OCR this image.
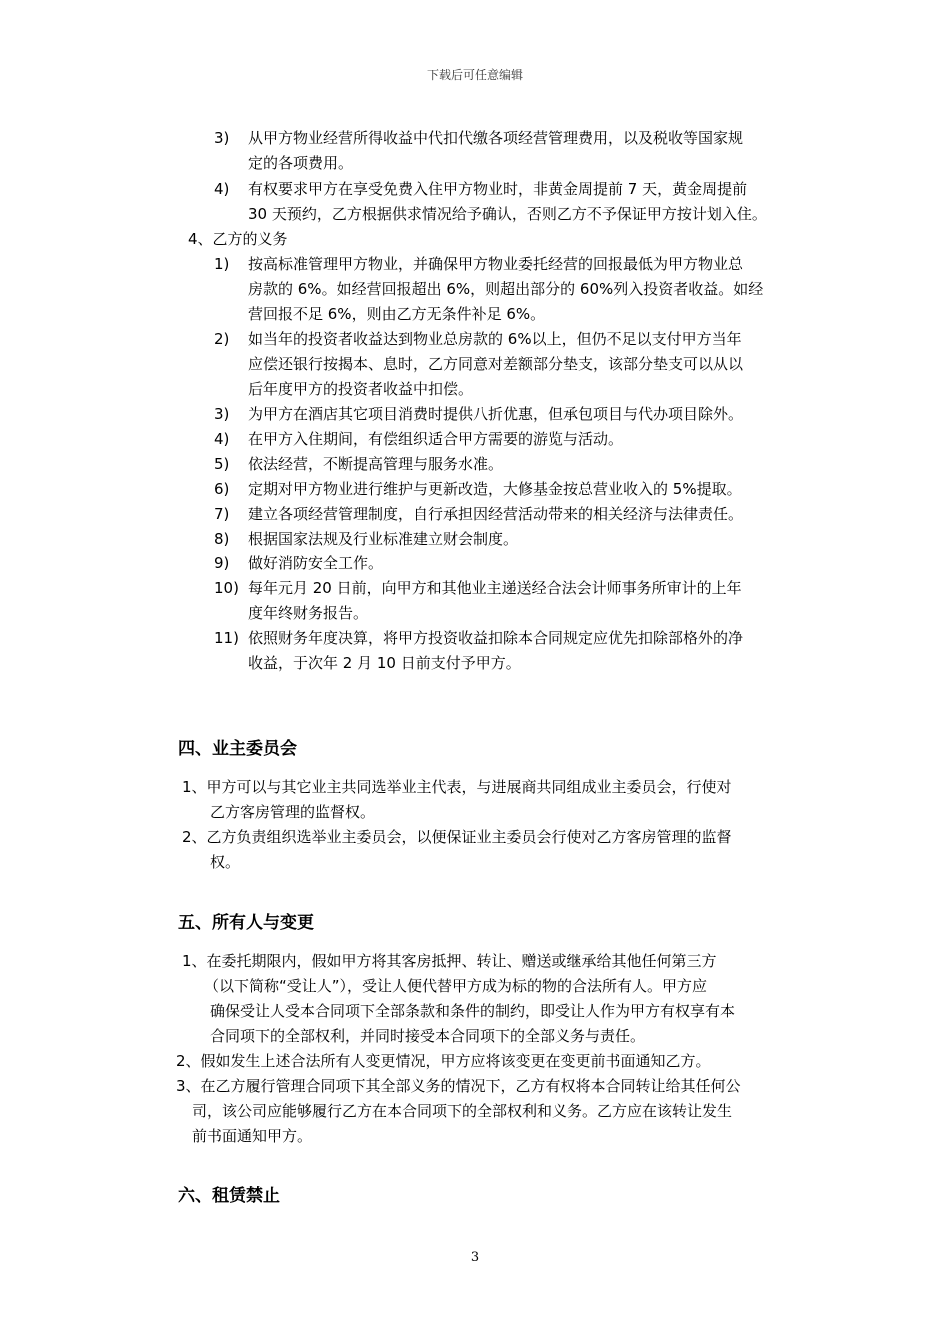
下载后可任意编辑
3) 从甲方物业经营所得收益中代扣代缴各项经营管理费用，以及税收等国家规
定的各项费用。
4) 有权要求甲方在享受免费入住甲方物业时，非黄金周提前 7 天，黄金周提前
30 天预约，乙方根据供求情况给予确认，否则乙方不予保证甲方按计划入住。
4、乙方的义务
1) 按高标准管理甲方物业，并确保甲方物业委托经营的回报最低为甲方物业总
房款的 6%。如经营回报超出 6%，则超出部分的 60%列入投资者收益。如经
营回报不足 6%，则由乙方无条件补足 6%。
2) 如当年的投资者收益达到物业总房款的 6%以上，但仍不足以支付甲方当年
应偿还银行按揭本、息时，乙方同意对差额部分垫支，该部分垫支可以从以
后年度甲方的投资者收益中扣偿。
3) 为甲方在酒店其它项目消费时提供八折优惠，但承包项目与代办项目除外。
4) 在甲方入住期间，有偿组织适合甲方需要的游览与活动。
5) 依法经营，不断提高管理与服务水准。
6) 定期对甲方物业进行维护与更新改造，大修基金按总营业收入的 5%提取。
7) 建立各项经营管理制度，自行承担因经营活动带来的相关经济与法律责任。
8) 根据国家法规及行业标准建立财会制度。
9) 做好消防安全工作。
10) 每年元月 20 日前，向甲方和其他业主递送经合法会计师事务所审计的上年
度年终财务报告。
11) 依照财务年度决算，将甲方投资收益扣除本合同规定应优先扣除部格外的净
收益，于次年 2 月 10 日前支付予甲方。
四、业主委员会
1、甲方可以与其它业主共同选举业主代表，与进展商共同组成业主委员会，行使对
乙方客房管理的监督权。
2、乙方负责组织选举业主委员会，以便保证业主委员会行使对乙方客房管理的监督
权。
五、所有人与变更
1、在委托期限内，假如甲方将其客房抵押、转让、赠送或继承给其他任何第三方
（以下简称“受让人”），受让人便代替甲方成为标的物的合法所有人。甲方应
确保受让人受本合同项下全部条款和条件的制约，即受让人作为甲方有权享有本
合同项下的全部权利，并同时接受本合同项下的全部义务与责任。
2、假如发生上述合法所有人变更情况，甲方应将该变更在变更前书面通知乙方。
3、在乙方履行管理合同项下其全部义务的情况下，乙方有权将本合同转让给其任何公
司，该公司应能够履行乙方在本合同项下的全部权利和义务。乙方应在该转让发生
前书面通知甲方。
六、租赁禁止
3
